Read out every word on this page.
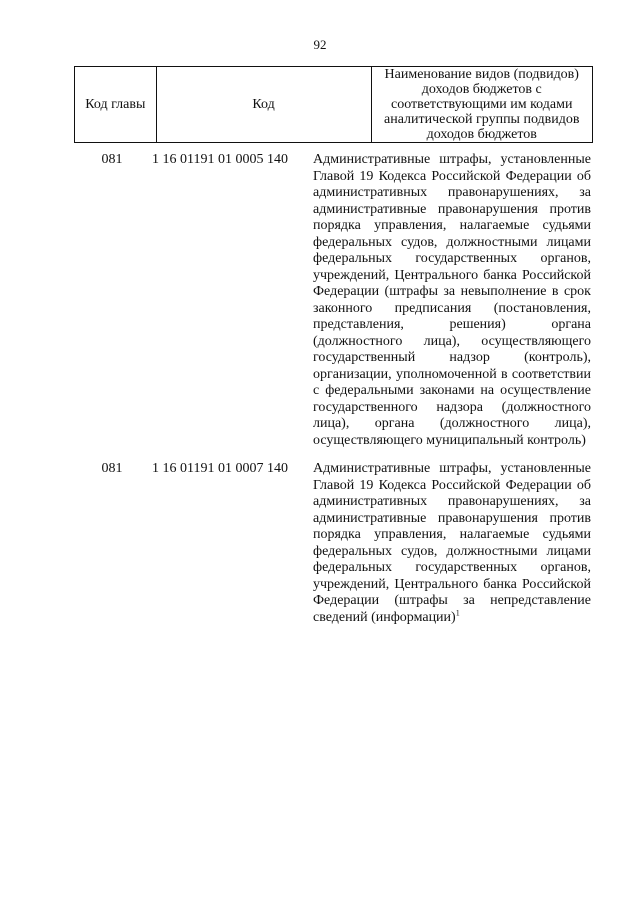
92
Код главы	Код	Наименование видов (подвидов) доходов бюджетов с соответствующими им кодами аналитической группы подвидов доходов бюджетов
081	1 16 01191 01 0005 140	Административные штрафы, установленные Главой 19 Кодекса Российской Федерации об административных правонарушениях, за административные правонарушения против порядка управления, налагаемые судьями федеральных судов, должностными лицами федеральных государственных органов, учреждений, Центрального банка Российской Федерации (штрафы за невыполнение в срок законного предписания (постановления, представления, решения) органа (должностного лица), осуществляющего государственный надзор (контроль), организации, уполномоченной в соответствии с федеральными законами на осуществление государственного надзора (должностного лица), органа (должностного лица), осуществляющего муниципальный контроль)
081	1 16 01191 01 0007 140	Административные штрафы, установленные Главой 19 Кодекса Российской Федерации об административных правонарушениях, за административные правонарушения против порядка управления, налагаемые судьями федеральных судов, должностными лицами федеральных государственных органов, учреждений, Центрального банка Российской Федерации (штрафы за непредставление сведений (информации)$^1$
